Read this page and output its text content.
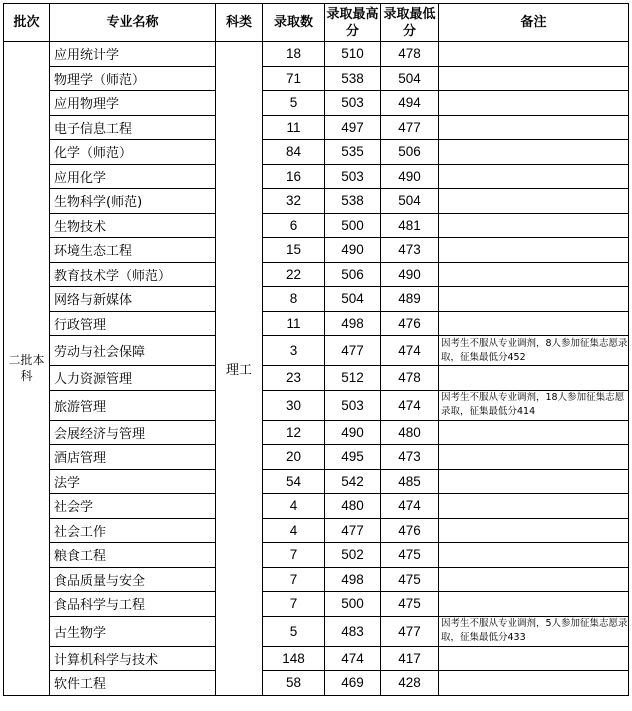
批次	专业名称	科类	录取数	录取最高分	录取最低分	备注
二批本科	应用统计学	理工	18	510	478	
	物理学（师范）		71	538	504	
	应用物理学		5	503	494	
	电子信息工程		11	497	477	
	化学（师范）		84	535	506	
	应用化学		16	503	490	
	生物科学(师范)		32	538	504	
	生物技术		6	500	481	
	环境生态工程		15	490	473	
	教育技术学（师范）		22	506	490	
	网络与新媒体		8	504	489	
	行政管理		11	498	476	
	劳动与社会保障		3	477	474	因考生不服从专业调剂，8人参加征集志愿录取，征集最低分452
	人力资源管理		23	512	478	
	旅游管理		30	503	474	因考生不服从专业调剂，18人参加征集志愿录取，征集最低分414
	会展经济与管理		12	490	480	
	酒店管理		20	495	473	
	法学		54	542	485	
	社会学		4	480	474	
	社会工作		4	477	476	
	粮食工程		7	502	475	
	食品质量与安全		7	498	475	
	食品科学与工程		7	500	475	
	古生物学		5	483	477	因考生不服从专业调剂，5人参加征集志愿录取，征集最低分433
	计算机科学与技术		148	474	417	
	软件工程		58	469	428	
